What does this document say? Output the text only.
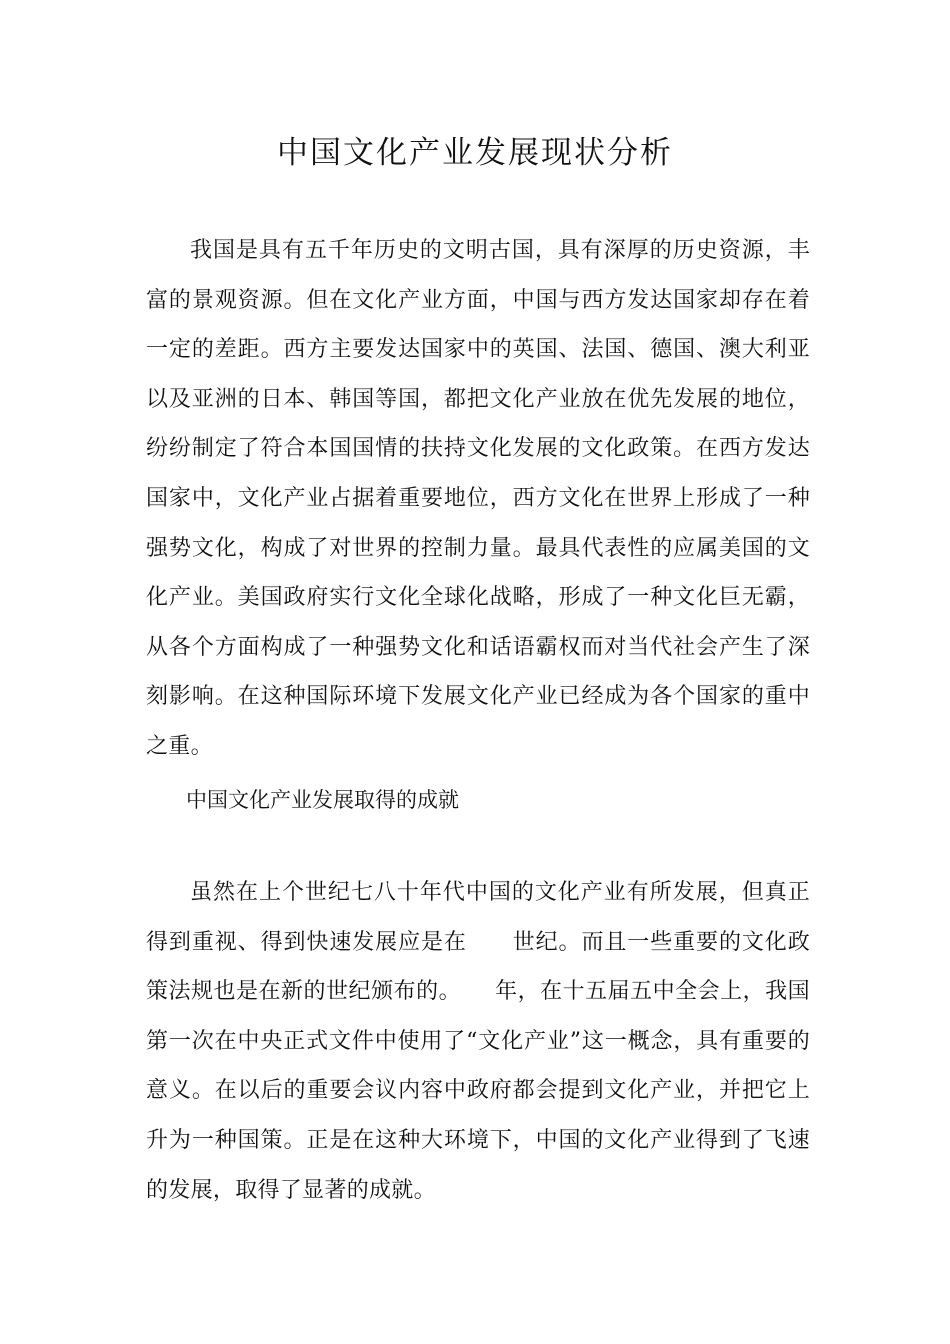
中国文化产业发展现状分析

我国是具有五千年历史的文明古国，具有深厚的历史资源，丰富的景观资源。但在文化产业方面，中国与西方发达国家却存在着一定的差距。西方主要发达国家中的英国、法国、德国、澳大利亚以及亚洲的日本、韩国等国，都把文化产业放在优先发展的地位，纷纷制定了符合本国国情的扶持文化发展的文化政策。在西方发达国家中，文化产业占据着重要地位，西方文化在世界上形成了一种强势文化，构成了对世界的控制力量。最具代表性的应属美国的文化产业。美国政府实行文化全球化战略，形成了一种文化巨无霸，从各个方面构成了一种强势文化和话语霸权而对当代社会产生了深刻影响。在这种国际环境下发展文化产业已经成为各个国家的重中之重。

中国文化产业发展取得的成就

虽然在上个世纪七八十年代中国的文化产业有所发展，但真正得到重视、得到快速发展应是在　　世纪。而且一些重要的文化政策法规也是在新的世纪颁布的。　　年，在十五届五中全会上，我国第一次在中央正式文件中使用了“文化产业”这一概念，具有重要的意义。在以后的重要会议内容中政府都会提到文化产业，并把它上升为一种国策。正是在这种大环境下，中国的文化产业得到了飞速的发展，取得了显著的成就。
